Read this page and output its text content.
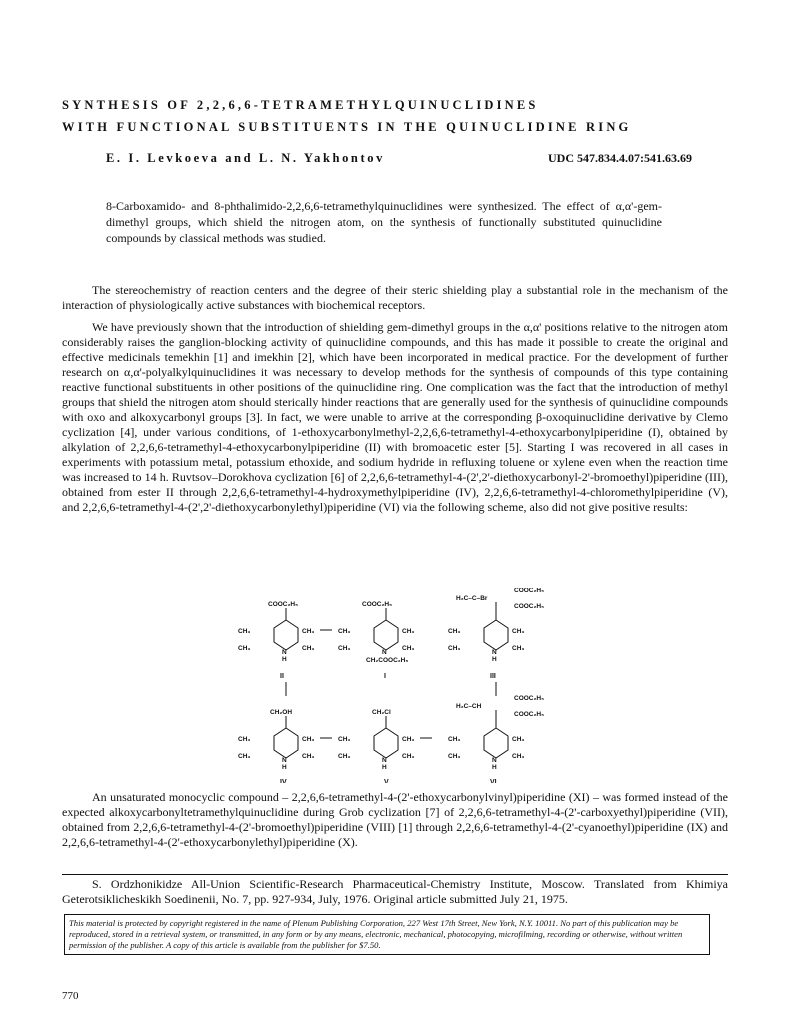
SYNTHESIS OF 2,2,6,6-TETRAMETHYLQUINUCLIDINES
WITH FUNCTIONAL SUBSTITUENTS IN THE QUINUCLIDINE RING
E. I. Levkoeva and L. N. Yakhontov	UDC 547.834.4.07:541.63.69
8-Carboxamido- and 8-phthalimido-2,2,6,6-tetramethylquinuclidines were synthesized. The effect of α,α'-gem-dimethyl groups, which shield the nitrogen atom, on the synthesis of functionally substituted quinuclidine compounds by classical methods was studied.

The stereochemistry of reaction centers and the degree of their steric shielding play a substantial role in the mechanism of the interaction of physiologically active substances with biochemical receptors.

We have previously shown that the introduction of shielding gem-dimethyl groups in the α,α' positions relative to the nitrogen atom considerably raises the ganglion-blocking activity of quinuclidine compounds, and this has made it possible to create the original and effective medicinals temekhin [1] and imekhin [2], which have been incorporated in medical practice. For the development of further research on α,α'-polyalkylquinuclidines it was necessary to develop methods for the synthesis of compounds of this type containing reactive functional substituents in other positions of the quinuclidine ring. One complication was the fact that the introduction of methyl groups that shield the nitrogen atom should sterically hinder reactions that are generally used for the synthesis of quinuclidine compounds with oxo and alkoxycarbonyl groups [3]. In fact, we were unable to arrive at the corresponding β-oxoquinuclidine derivative by Clemo cyclization [4], under various conditions, of 1-ethoxycarbonylmethyl-2,2,6,6-tetramethyl-4-ethoxycarbonylpiperidine (I), obtained by alkylation of 2,2,6,6-tetramethyl-4-ethoxycarbonylpiperidine (II) with bromoacetic ester [5]. Starting I was recovered in all cases in experiments with potassium metal, potassium ethoxide, and sodium hydride in refluxing toluene or xylene even when the reaction time was increased to 14 h. Ruvtsov–Dorokhova cyclization [6] of 2,2,6,6-tetramethyl-4-(2',2'-diethoxycarbonyl-2'-bromoethyl)piperidine (III), obtained from ester II through 2,2,6,6-tetramethyl-4-hydroxymethylpiperidine (IV), 2,2,6,6-tetramethyl-4-chloromethylpiperidine (V), and 2,2,6,6-tetramethyl-4-(2',2'-diethoxycarbonylethyl)piperidine (VI) via the following scheme, also did not give positive results:

COOC₂H₅
CH₃	CH₃
CH₃	CH₃
N
H
II
COOC₂H₅
CH₃	CH₃
CH₃	CH₃
N
CH₂COOC₂H₅
I
H₂C–C–Br
COOC₂H₅
COOC₂H₅
CH₃	CH₃
CH₃	CH₃
N
H
III
CH₂OH
CH₃	CH₃
CH₃	CH₃
N
H
IV
CH₂Cl
CH₃	CH₃
CH₃	CH₃
N
H
V
H₂C–CH
COOC₂H₅
COOC₂H₅
CH₃	CH₃
CH₃	CH₃
N
H
VI

An unsaturated monocyclic compound – 2,2,6,6-tetramethyl-4-(2'-ethoxycarbonylvinyl)piperidine (XI) – was formed instead of the expected alkoxycarbonyltetramethylquinuclidine during Grob cyclization [7] of 2,2,6,6-tetramethyl-4-(2'-carboxyethyl)piperidine (VII), obtained from 2,2,6,6-tetramethyl-4-(2'-bromoethyl)piperidine (VIII) [1] through 2,2,6,6-tetramethyl-4-(2'-cyanoethyl)piperidine (IX) and 2,2,6,6-tetramethyl-4-(2'-ethoxycarbonylethyl)piperidine (X).

S. Ordzhonikidze All-Union Scientific-Research Pharmaceutical-Chemistry Institute, Moscow. Translated from Khimiya Geterotsiklicheskikh Soedinenii, No. 7, pp. 927-934, July, 1976. Original article submitted July 21, 1975.

This material is protected by copyright registered in the name of Plenum Publishing Corporation, 227 West 17th Street, New York, N.Y. 10011. No part of this publication may be reproduced, stored in a retrieval system, or transmitted, in any form or by any means, electronic, mechanical, photocopying, microfilming, recording or otherwise, without written permission of the publisher. A copy of this article is available from the publisher for $7.50.
770
